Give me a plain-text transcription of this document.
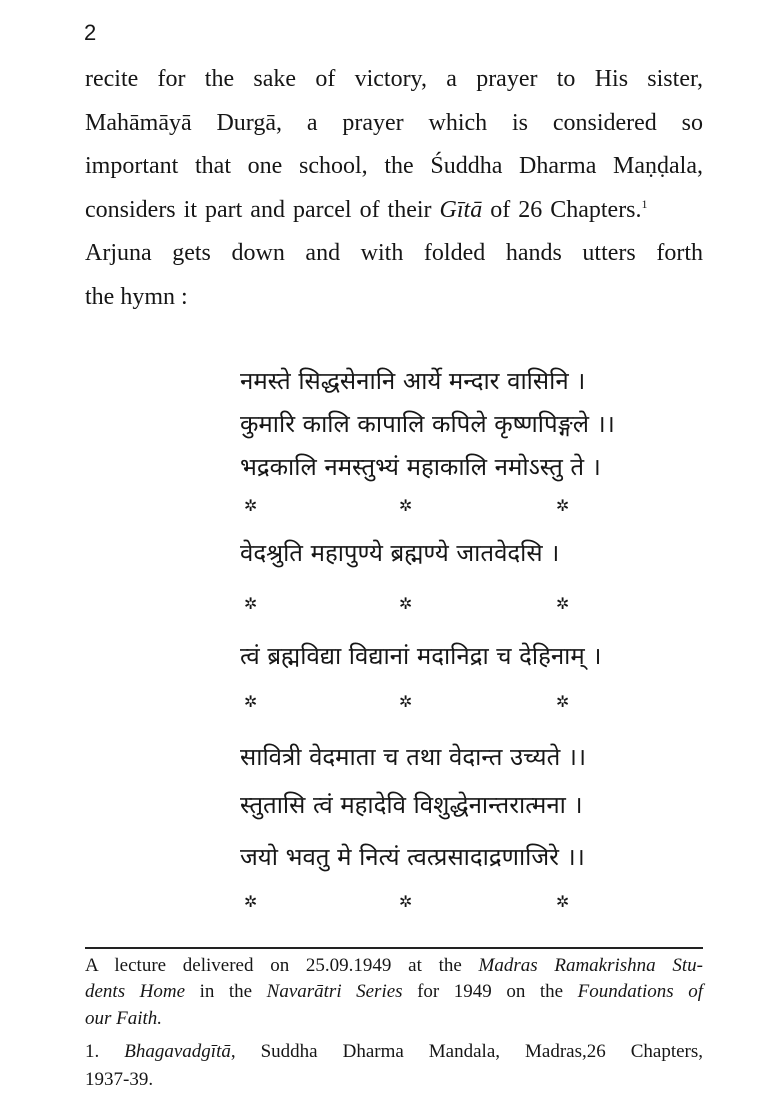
2
recite for the sake of victory, a prayer to His sister,
Mahāmāyā Durgā, a prayer which is considered so
important that one school, the Śuddha Dharma Maṇḍala,
considers it part and parcel of their Gītā of 26 Chapters.$^1$
Arjuna gets down and with folded hands utters forth
the hymn :
नमस्ते सिद्धसेनानि आर्ये मन्दार वासिनि ।
कुमारि कालि कापालि कपिले कृष्णपिङ्गले ।।
भद्रकालि नमस्तुभ्यं महाकालि नमोऽस्तु ते ।
✲	✲	✲
वेदश्रुति महापुण्ये ब्रह्मण्ये जातवेदसि ।
✲	✲	✲
त्वं ब्रह्मविद्या विद्यानां मदानिद्रा च देहिनाम् ।
✲	✲	✲
सावित्री वेदमाता च तथा वेदान्त उच्यते ।।
स्तुतासि त्वं महादेवि विशुद्धेनान्तरात्मना ।
जयो भवतु मे नित्यं त्वत्प्रसादाद्रणाजिरे ।।
✲	✲	✲
A lecture delivered on 25.09.1949 at the Madras Ramakrishna Stu-
dents Home in the Navarātri Series for 1949 on the Foundations of
our Faith.
1. Bhagavadgītā, Suddha Dharma Mandala, Madras,26 Chapters,
1937-39.
